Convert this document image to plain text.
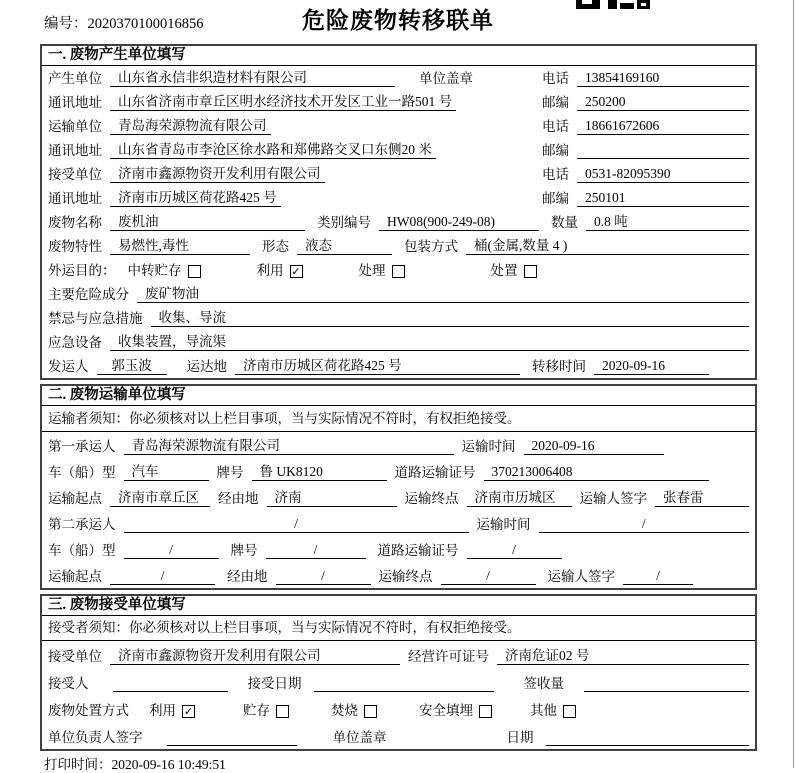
编号：2020370100016856	危险废物转移联单
一. 废物产生单位填写
产生单位	山东省永信非织造材料有限公司	单位盖章	电话	13854169160
通讯地址	山东省济南市章丘区明水经济技术开发区工业一路501 号	邮编	250200
运输单位	青岛海荣源物流有限公司	电话	18661672606
通讯地址	山东省青岛市李沧区徐水路和郑佛路交叉口东侧20 米	邮编
接受单位	济南市鑫源物资开发利用有限公司	电话	0531-82095390
通讯地址	济南市历城区荷花路425 号	邮编	250101
废物名称	废机油	类别编号	HW08(900-249-08)	数量	0.8 吨
废物特性	易燃性,毒性	形态	液态	包装方式	桶(金属,数量 4 )
外运目的： 中转贮存	利用 ✓	处理	处置
主要危险成分	废矿物油
禁忌与应急措施	收集、导流
应急设备	收集装置，导流渠
发运人	郭玉波	运达地	济南市历城区荷花路425 号	转移时间	2020-09-16
二. 废物运输单位填写
运输者须知：你必须核对以上栏目事项，当与实际情况不符时，有权拒绝接受。
第一承运人	青岛海荣源物流有限公司	运输时间	2020-09-16
车（船）型	汽车	牌号	鲁 UK8120	道路运输证号	370213006408
运输起点	济南市章丘区	经由地	济南	运输终点	济南市历城区	运输人签字	张春雷
第二承运人	/	运输时间	/
车（船）型	/	牌号	/	道路运输证号	/
运输起点	/	经由地	/	运输终点	/	运输人签字	/
三. 废物接受单位填写
接受者须知：你必须核对以上栏目事项，当与实际情况不符时，有权拒绝接受。
接受单位	济南市鑫源物资开发利用有限公司	经营许可证号	济南危证02 号
接受人	接受日期	签收量
废物处置方式 利用 ✓	贮存	焚烧	安全填埋	其他
单位负责人签字	单位盖章	日期
打印时间：2020-09-16 10:49:51
